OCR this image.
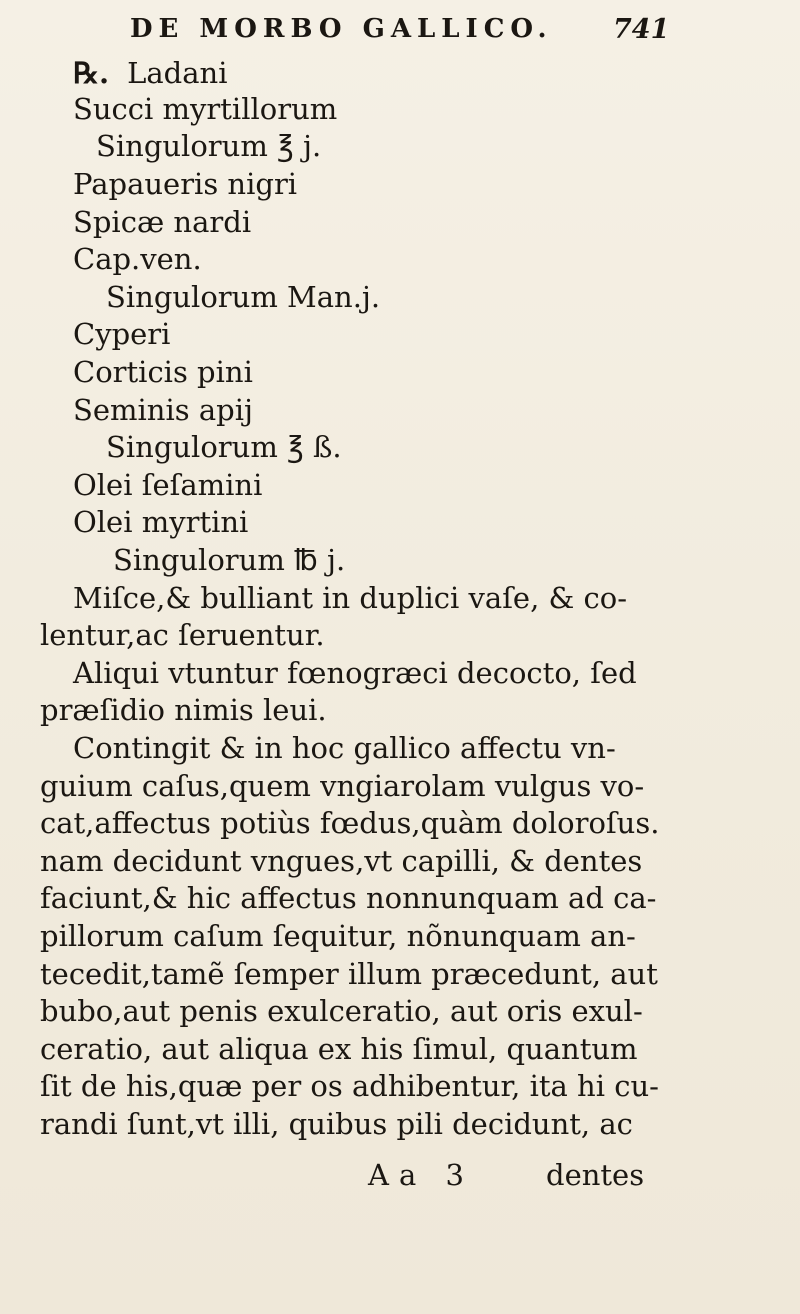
DE MORBO GALLICO. 741
℞. Ladani
Succi myrtillorum
Singulorum ℥ j.
Papaueris nigri
Spicæ nardi
Cap.ven.
Singulorum Man.j.
Cyperi
Corticis pini
Seminis apij
Singulorum ℥ ß.
Olei ſeſamini
Olei myrtini
Singulorum ℔ j.
Miſce,& bulliant in duplici vaſe, & co-
lentur,ac ſeruentur.
Aliqui vtuntur fœnogræci decocto, ſed
præſidio nimis leui.
Contingit & in hoc gallico affectu vn-
guium caſus,quem vngiarolam vulgus vo-
cat,affectus potiùs fœdus,quàm doloroſus.
nam decidunt vngues,vt capilli, & dentes
faciunt,& hic affectus nonnunquam ad ca-
pillorum caſum ſequitur, nõnunquam an-
tecedit,tamẽ ſemper illum præcedunt, aut
bubo,aut penis exulceratio, aut oris exul-
ceratio, aut aliqua ex his ſimul, quantum
ſit de his,quæ per os adhibentur, ita hi cu-
randi ſunt,vt illi, quibus pili decidunt, ac
Aa 3 dentes
